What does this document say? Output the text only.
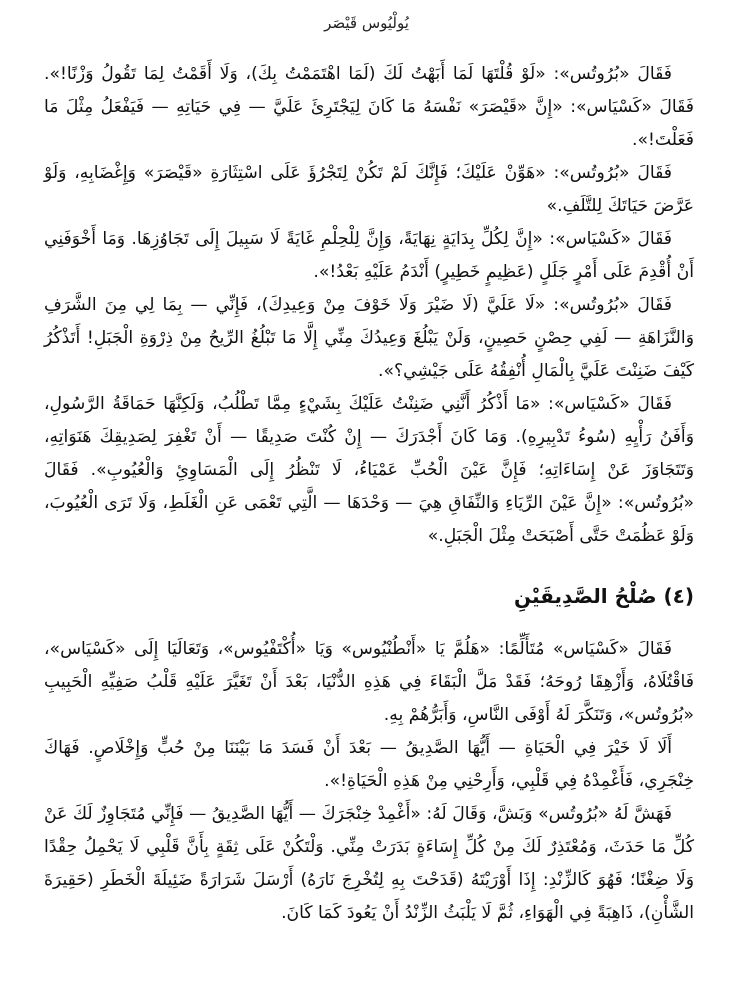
يُولْيُوس قَيْصَر

فَقَالَ «بُرُوتُس»: «لَوْ قُلْتَهَا لَمَا أَبَهْتُ لَكَ (لَمَا اهْتَمَمْتُ بِكَ)، وَلَا أَقَمْتُ لِمَا تَقُولُ وَزْنًا!». فَقَالَ «كَسْيَاس»: «إِنَّ «قَيْصَرَ» نَفْسَهُ مَا كَانَ لِيَجْتَرِئَ عَلَيَّ — فِي حَيَاتِهِ — فَيَفْعَلُ مِثْلَ مَا فَعَلْتَ!».

فَقَالَ «بُرُوتُس»: «هَوِّنْ عَلَيْكَ؛ فَإِنَّكَ لَمْ تَكُنْ لِتَجْرُؤَ عَلَى اسْتِثَارَةِ «قَيْصَرَ» وَإِغْضَابِهِ، وَلَوْ عَرَّضَ حَيَاتَكَ لِلتَّلَفِ.»

فَقَالَ «كَسْيَاس»: «إِنَّ لِكُلِّ بِدَايَةٍ نِهَايَةً، وَإِنَّ لِلْحِلْمِ غَايَةً لَا سَبِيلَ إِلَى تَجَاوُزِهَا. وَمَا أَخْوَفَنِي أَنْ أُقْدِمَ عَلَى أَمْرٍ جَلَلٍ (عَظِيمٍ خَطِيرٍ) أَنْدَمُ عَلَيْهِ بَعْدُ!».

فَقَالَ «بُرُوتُس»: «لَا عَلَيَّ (لَا ضَيْرَ وَلَا خَوْفَ مِنْ وَعِيدِكَ)، فَإِنِّي — بِمَا لِي مِنَ الشَّرَفِ وَالنَّزَاهَةِ — لَفِي حِصْنٍ حَصِينٍ، وَلَنْ يَبْلُغَ وَعِيدُكَ مِنِّي إِلَّا مَا تَبْلُغُ الرِّيحُ مِنْ ذِرْوَةِ الْجَبَلِ! أَتَذْكُرُ كَيْفَ ضَنِنْتَ عَلَيَّ بِالْمَالِ أُنْفِقُهُ عَلَى جَيْشِي؟».

فَقَالَ «كَسْيَاس»: «مَا أَذْكُرُ أَنَّنِي ضَنِنْتُ عَلَيْكَ بِشَيْءٍ مِمَّا تَطْلُبُ، وَلَكِنَّهَا حَمَاقَةُ الرَّسُولِ، وَأَفَنُ رَأْيِهِ (سُوءُ تَدْبِيرِهِ). وَمَا كَانَ أَجْدَرَكَ — إِنْ كُنْتَ صَدِيقًا — أَنْ تَغْفِرَ لِصَدِيقِكَ هَنَوَاتِهِ، وَتَتَجَاوَزَ عَنْ إِسَاءَاتِهِ؛ فَإِنَّ عَيْنَ الْحُبِّ عَمْيَاءُ، لَا تَنْظُرُ إِلَى الْمَسَاوِئِ وَالْعُيُوبِ». فَقَالَ «بُرُوتُس»: «إِنَّ عَيْنَ الرِّيَاءِ وَالنِّفَاقِ هِيَ — وَحْدَهَا — الَّتِي تَعْمَى عَنِ الْغَلَطِ، وَلَا تَرَى الْعُيُوبَ، وَلَوْ عَظُمَتْ حَتَّى أَصْبَحَتْ مِثْلَ الْجَبَلِ.»

(٤) صُلْحُ الصَّدِيقَيْنِ

فَقَالَ «كَسْيَاس» مُتَأَلِّمًا: «هَلُمَّ يَا «أَنْطُنْيُوس» وَيَا «أُكْتَفْيُوس»، وَتَعَالَيَا إِلَى «كَسْيَاس»، فَاقْتُلَاهُ، وَأَزْهِقَا رُوحَهُ؛ فَقَدْ مَلَّ الْبَقَاءَ فِي هَذِهِ الدُّنْيَا، بَعْدَ أَنْ تَغَيَّرَ عَلَيْهِ قَلْبُ صَفِيِّهِ الْحَبِيبِ «بُرُوتُس»، وَتَنَكَّرَ لَهُ أَوْفَى النَّاسِ، وَأَبَرُّهُمْ بِهِ.

أَلَا لَا خَيْرَ فِي الْحَيَاةِ — أَيُّهَا الصَّدِيقُ — بَعْدَ أَنْ فَسَدَ مَا بَيْنَنَا مِنْ حُبٍّ وَإِخْلَاصٍ. فَهَاكَ خِنْجَرِي، فَأَغْمِدْهُ فِي قَلْبِي، وَأَرِحْنِي مِنْ هَذِهِ الْحَيَاةِ!».

فَهَشَّ لَهُ «بُرُوتُس» وَبَشَّ، وَقَالَ لَهُ: «أَغْمِدْ خِنْجَرَكَ — أَيُّهَا الصَّدِيقُ — فَإِنِّي مُتَجَاوِزٌ لَكَ عَنْ كُلِّ مَا حَدَثَ، وَمُعْتَذِرٌ لَكَ مِنْ كُلِّ إِسَاءَةٍ بَدَرَتْ مِنِّي. وَلْتَكُنْ عَلَى ثِقَةٍ بِأَنَّ قَلْبِي لَا يَحْمِلُ حِقْدًا وَلَا ضِغْنًا؛ فَهُوَ كَالزِّنْدِ: إِذَا أَوْرَيْتَهُ (قَدَحْتَ بِهِ لِتُخْرِجَ نَارَهُ) أَرْسَلَ شَرَارَةً ضَئِيلَةَ الْخَطَرِ (حَقِيرَةَ الشَّأْنِ)، ذَاهِبَةً فِي الْهَوَاءِ، ثُمَّ لَا يَلْبَثُ الزِّنْدُ أَنْ يَعُودَ كَمَا كَانَ.
